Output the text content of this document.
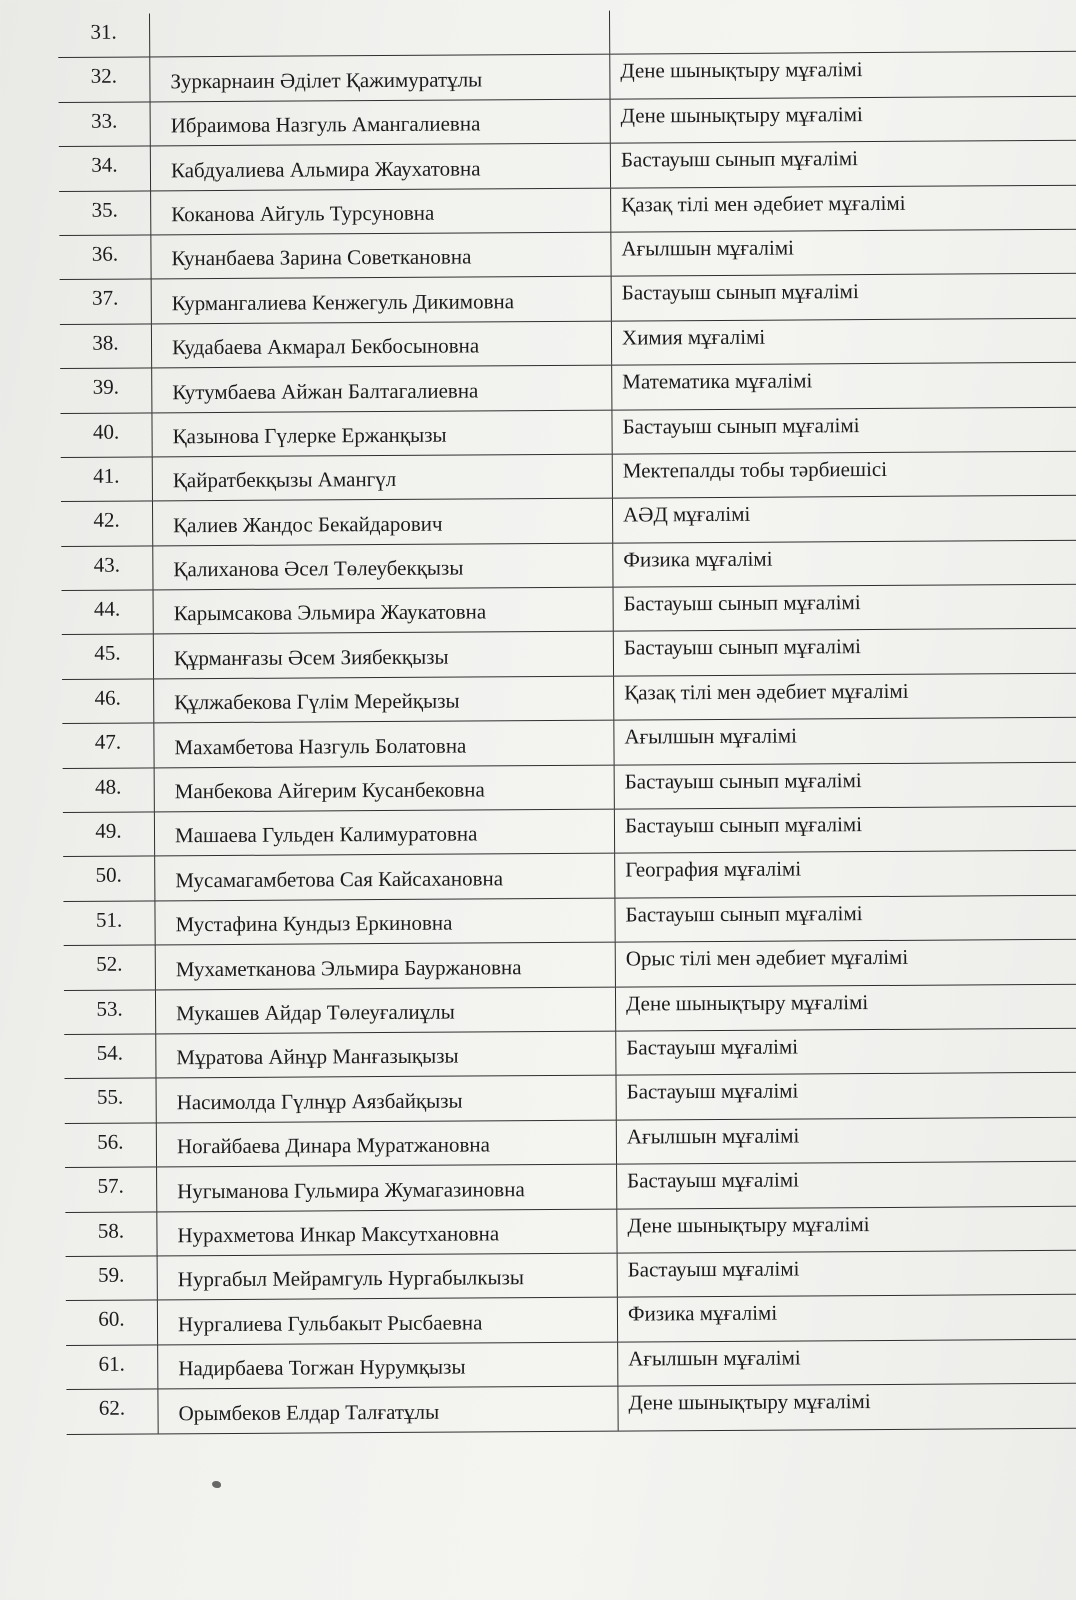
31.
32.	Зуркарнаин Әділет Қажимуратұлы	Дене шынықтыру мұғалімі
33.	Ибраимова Назгуль Амангалиевна	Дене шынықтыру мұғалімі
34.	Кабдуалиева Альмира Жаухатовна	Бастауыш сынып мұғалімі
35.	Коканова Айгуль Турсуновна	Қазақ тілі мен әдебиет мұғалімі
36.	Кунанбаева Зарина Советкановна	Ағылшын мұғалімі
37.	Курмангалиева Кенжегуль Дикимовна	Бастауыш сынып мұғалімі
38.	Кудабаева Акмарал Бекбосыновна	Химия мұғалімі
39.	Кутумбаева Айжан Балтагалиевна	Математика мұғалімі
40.	Қазынова Гүлерке Ержанқызы	Бастауыш сынып мұғалімі
41.	Қайратбекқызы Амангүл	Мектепалды тобы тәрбиешісі
42.	Қалиев Жандос Бекайдарович	АӘД мұғалімі
43.	Қалиханова Әсел Төлеубекқызы	Физика мұғалімі
44.	Карымсакова Эльмира Жаукатовна	Бастауыш сынып мұғалімі
45.	Құрманғазы Әсем Зиябекқызы	Бастауыш сынып мұғалімі
46.	Құлжабекова Гүлім Мерейқызы	Қазақ тілі мен әдебиет мұғалімі
47.	Махамбетова Назгуль Болатовна	Ағылшын мұғалімі
48.	Манбекова Айгерим Кусанбековна	Бастауыш сынып мұғалімі
49.	Машаева Гульден Калимуратовна	Бастауыш сынып мұғалімі
50.	Мусамагамбетова Сая Кайсахановна	География мұғалімі
51.	Мустафина Кундыз Еркиновна	Бастауыш сынып мұғалімі
52.	Мухаметканова Эльмира Бауржановна	Орыс тілі мен әдебиет мұғалімі
53.	Мукашев Айдар Төлеуғалиұлы	Дене шынықтыру мұғалімі
54.	Мұратова Айнұр Манғазықызы	Бастауыш мұғалімі
55.	Насимолда Гүлнұр Аязбайқызы	Бастауыш мұғалімі
56.	Ногайбаева Динара Муратжановна	Ағылшын мұғалімі
57.	Нугыманова Гульмира Жумагазиновна	Бастауыш мұғалімі
58.	Нурахметова Инкар Максутхановна	Дене шынықтыру мұғалімі
59.	Нургабыл Мейрамгуль Нургабылкызы	Бастауыш мұғалімі
60.	Нургалиева Гульбакыт Рысбаевна	Физика мұғалімі
61.	Надирбаева Тогжан Нурумқызы	Ағылшын мұғалімі
62.	Орымбеков Елдар Талғатұлы	Дене шынықтыру мұғалімі
